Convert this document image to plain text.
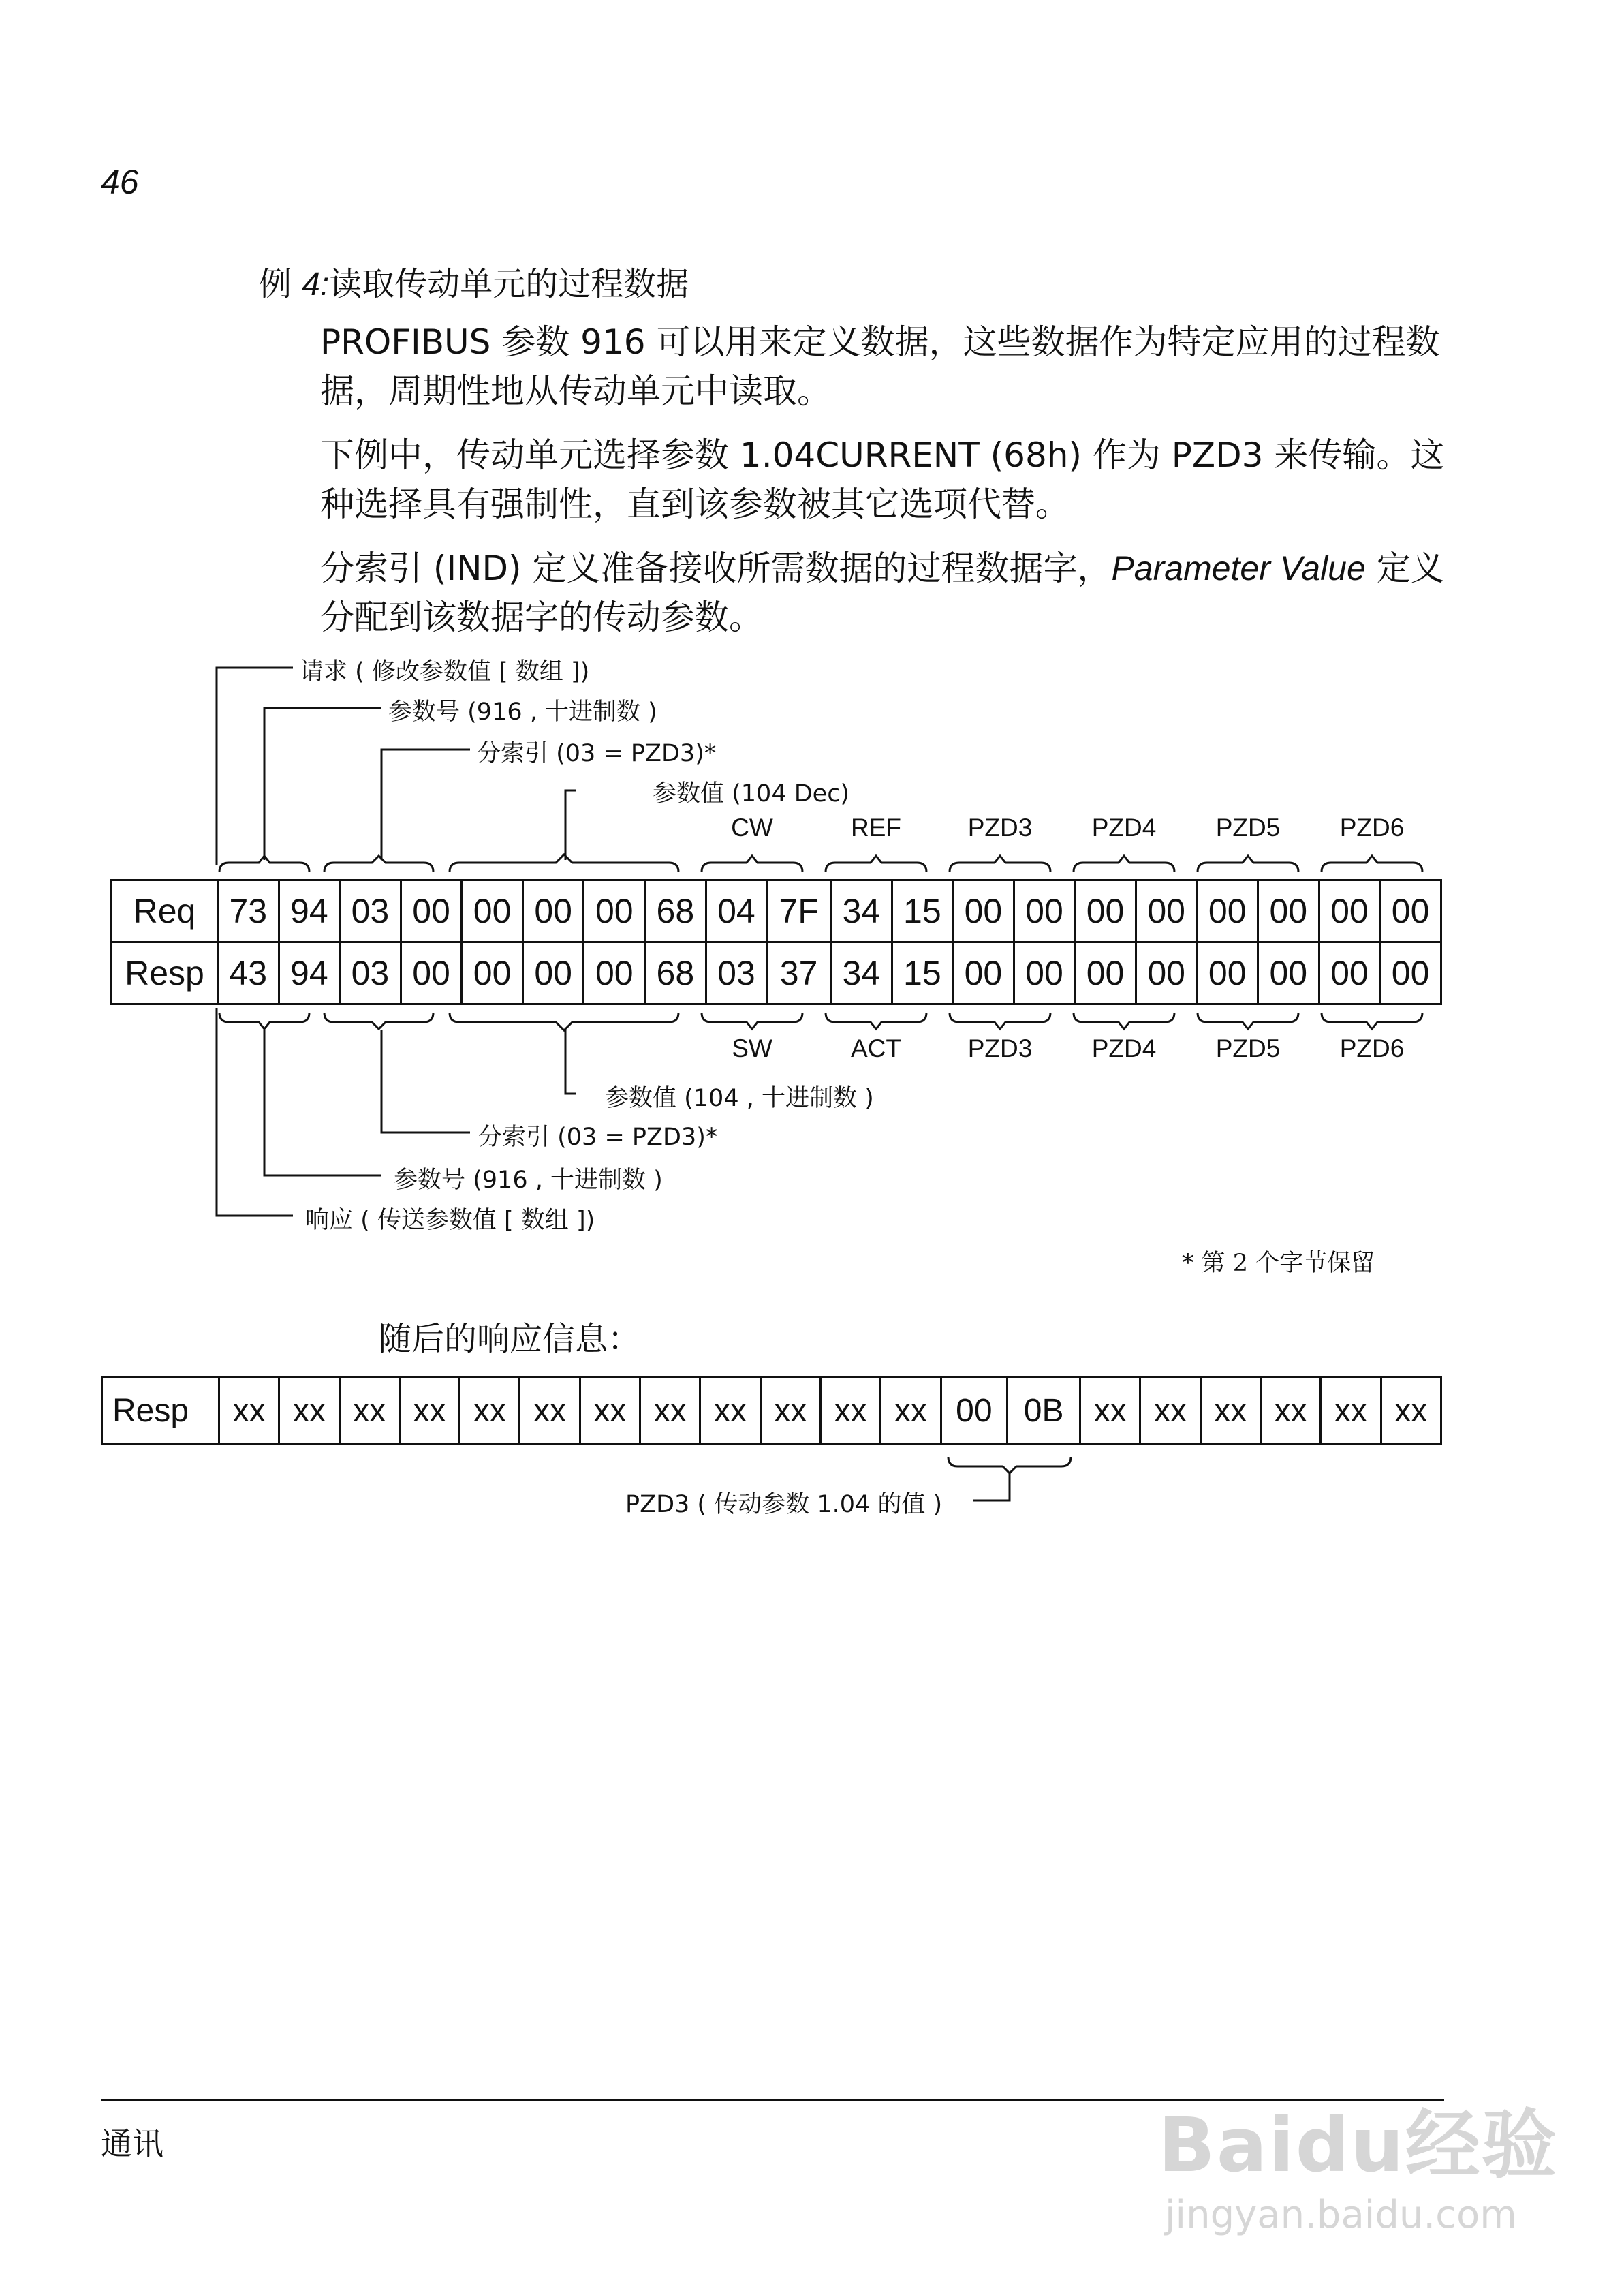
46
例 4:读取传动单元的过程数据
PROFIBUS 参数 916 可以用来定义数据，这些数据作为特定应用的过程数据，周期性地从传动单元中读取。
下例中，传动单元选择参数 1.04CURRENT (68h) 作为 PZD3 来传输。这种选择具有强制性，直到该参数被其它选项代替。
分索引 (IND) 定义准备接收所需数据的过程数据字，Parameter Value 定义分配到该数据字的传动参数。
请求 ( 修改参数值 [ 数组 ])
参数号 (916 , 十进制数 )
分索引 (03 = PZD3)*
参数值 (104 Dec)
CW	REF	PZD3	PZD4	PZD5	PZD6
Req	73	94	03	00	00	00	00	68	04	7F	34	15	00	00	00	00	00	00	00	00
Resp	43	94	03	00	00	00	00	68	03	37	34	15	00	00	00	00	00	00	00	00
SW	ACT	PZD3	PZD4	PZD5	PZD6
参数值 (104 , 十进制数 )
分索引 (03 = PZD3)*
参数号 (916 , 十进制数 )
响应 ( 传送参数值 [ 数组 ])
* 第 2 个字节保留
随后的响应信息：
Resp	xx	xx	xx	xx	xx	xx	xx	xx	xx	xx	xx	xx	00	0B	xx	xx	xx	xx	xx	xx
PZD3 ( 传动参数 1.04 的值 )
通讯	Baidu经验
jingyan.baidu.com
